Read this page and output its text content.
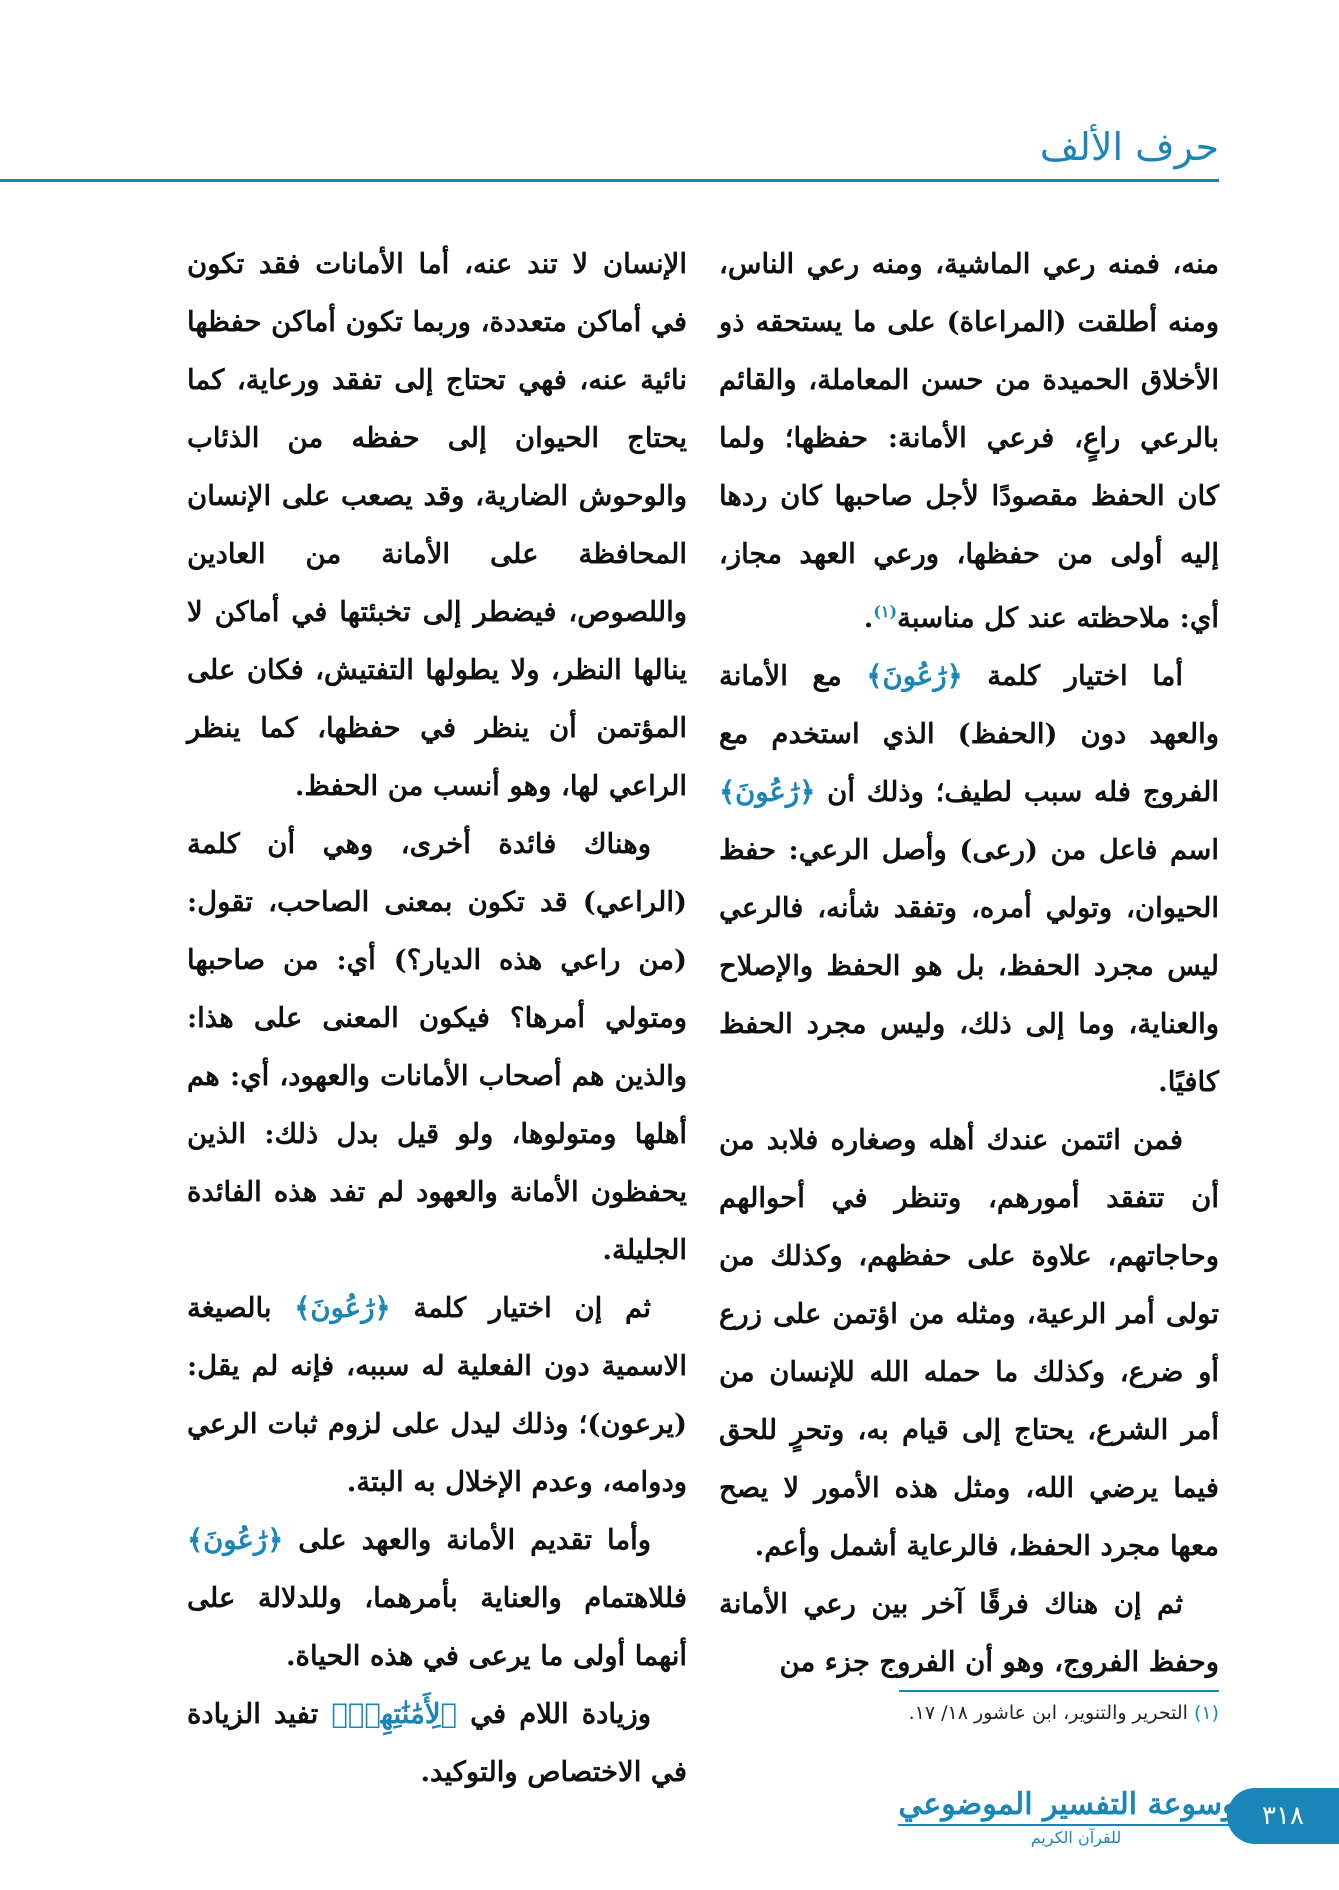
حرف الألف

منه، فمنه رعي الماشية، ومنه رعي الناس، ومنه أطلقت (المراعاة) على ما يستحقه ذو الأخلاق الحميدة من حسن المعاملة، والقائم بالرعي راعٍ، فرعي الأمانة: حفظها؛ ولما كان الحفظ مقصودًا لأجل صاحبها كان ردها إليه أولى من حفظها، ورعي العهد مجاز، أي: ملاحظته عند كل مناسبة$^{(١)}$.

أما اختيار كلمة ﴿رَٰعُونَ﴾ مع الأمانة والعهد دون (الحفظ) الذي استخدم مع الفروج فله سبب لطيف؛ وذلك أن ﴿رَٰعُونَ﴾ اسم فاعل من (رعى) وأصل الرعي: حفظ الحيوان، وتولي أمره، وتفقد شأنه، فالرعي ليس مجرد الحفظ، بل هو الحفظ والإصلاح والعناية، وما إلى ذلك، وليس مجرد الحفظ كافيًا.

فمن ائتمن عندك أهله وصغاره فلابد من أن تتفقد أمورهم، وتنظر في أحوالهم وحاجاتهم، علاوة على حفظهم، وكذلك من تولى أمر الرعية، ومثله من اؤتمن على زرع أو ضرع، وكذلك ما حمله الله للإنسان من أمر الشرع، يحتاج إلى قيام به، وتحرٍ للحق فيما يرضي الله، ومثل هذه الأمور لا يصح معها مجرد الحفظ، فالرعاية أشمل وأعم.

ثم إن هناك فرقًا آخر بين رعي الأمانة وحفظ الفروج، وهو أن الفروج جزء من

الإنسان لا تند عنه، أما الأمانات فقد تكون في أماكن متعددة، وربما تكون أماكن حفظها نائية عنه، فهي تحتاج إلى تفقد ورعاية، كما يحتاج الحيوان إلى حفظه من الذئاب والوحوش الضارية، وقد يصعب على الإنسان المحافظة على الأمانة من العادين واللصوص، فيضطر إلى تخبئتها في أماكن لا ينالها النظر، ولا يطولها التفتيش، فكان على المؤتمن أن ينظر في حفظها، كما ينظر الراعي لها، وهو أنسب من الحفظ.

وهناك فائدة أخرى، وهي أن كلمة (الراعي) قد تكون بمعنى الصاحب، تقول: (من راعي هذه الديار؟) أي: من صاحبها ومتولي أمرها؟ فيكون المعنى على هذا: والذين هم أصحاب الأمانات والعهود، أي: هم أهلها ومتولوها، ولو قيل بدل ذلك: الذين يحفظون الأمانة والعهود لم تفد هذه الفائدة الجليلة.

ثم إن اختيار كلمة ﴿رَٰعُونَ﴾ بالصيغة الاسمية دون الفعلية له سببه، فإنه لم يقل: (يرعون)؛ وذلك ليدل على لزوم ثبات الرعي ودوامه، وعدم الإخلال به البتة.

وأما تقديم الأمانة والعهد على ﴿رَٰعُونَ﴾ فللاهتمام والعناية بأمرهما، وللدلالة على أنهما أولى ما يرعى في هذه الحياة.

وزيادة اللام في ﴿لِأَمَٰنَٰتِهِمۡ﴾ تفيد الزيادة في الاختصاص والتوكيد.

(١) التحرير والتنوير، ابن عاشور ١٨/ ١٧.
٣١٨
موسوعة التفسير الموضوعي
للقرآن الكريم
